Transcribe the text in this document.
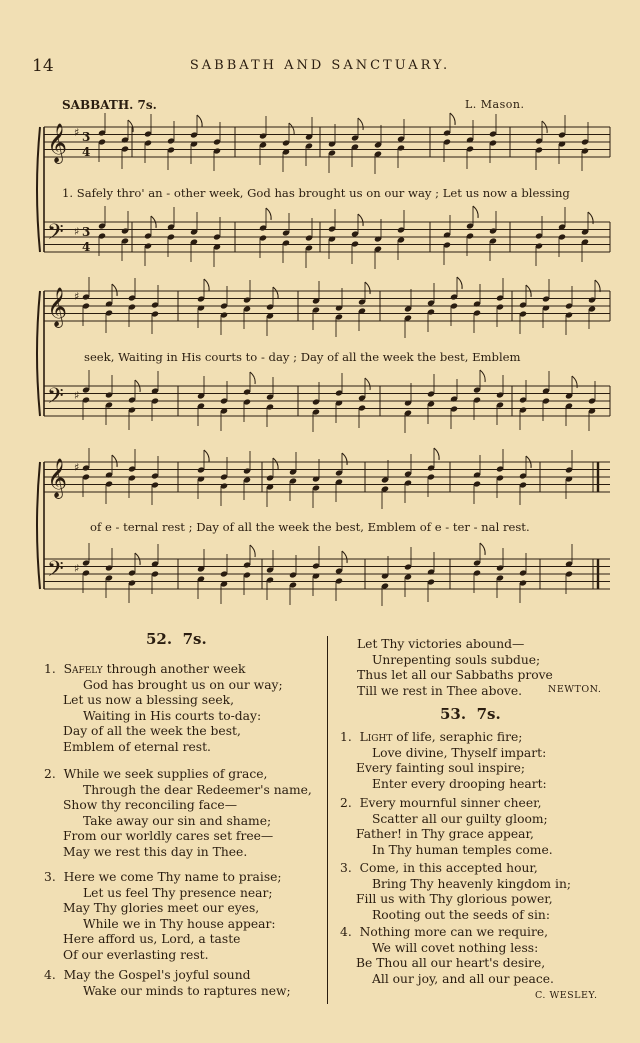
14	SABBATH AND SANCTUARY.
SABBATH. 7s.	L. Mason.
𝄞
𝄢
♯
♯
3
4
3
4
𝄞
𝄢
♯
♯
𝄞
𝄢
♯
♯
1. Safely thro' an - other week, God has brought us on our way ; Let us now a blessing
seek, Waiting in His courts to - day ; Day of all the week the best, Emblem
of e - ternal rest ; Day of all the week the best, Emblem of e - ter - nal rest.
52. 7s.
1. Safely through another week
God has brought us on our way;
Let us now a blessing seek,
Waiting in His courts to-day:
Day of all the week the best,
Emblem of eternal rest.
2. While we seek supplies of grace,
Through the dear Redeemer's name,
Show thy reconciling face—
Take away our sin and shame;
From our worldly cares set free—
May we rest this day in Thee.
3. Here we come Thy name to praise;
Let us feel Thy presence near;
May Thy glories meet our eyes,
While we in Thy house appear:
Here afford us, Lord, a taste
Of our everlasting rest.
4. May the Gospel's joyful sound
Wake our minds to raptures new;
Let Thy victories abound—
Unrepenting souls subdue;
Thus let all our Sabbaths prove
Till we rest in Thee above.	NEWTON.
53. 7s.
1. Light of life, seraphic fire;
Love divine, Thyself impart:
Every fainting soul inspire;
Enter every drooping heart:
2. Every mournful sinner cheer,
Scatter all our guilty gloom;
Father! in Thy grace appear,
In Thy human temples come.
3. Come, in this accepted hour,
Bring Thy heavenly kingdom in;
Fill us with Thy glorious power,
Rooting out the seeds of sin:
4. Nothing more can we require,
We will covet nothing less:
Be Thou all our heart's desire,
All our joy, and all our peace.
C. WESLEY.
